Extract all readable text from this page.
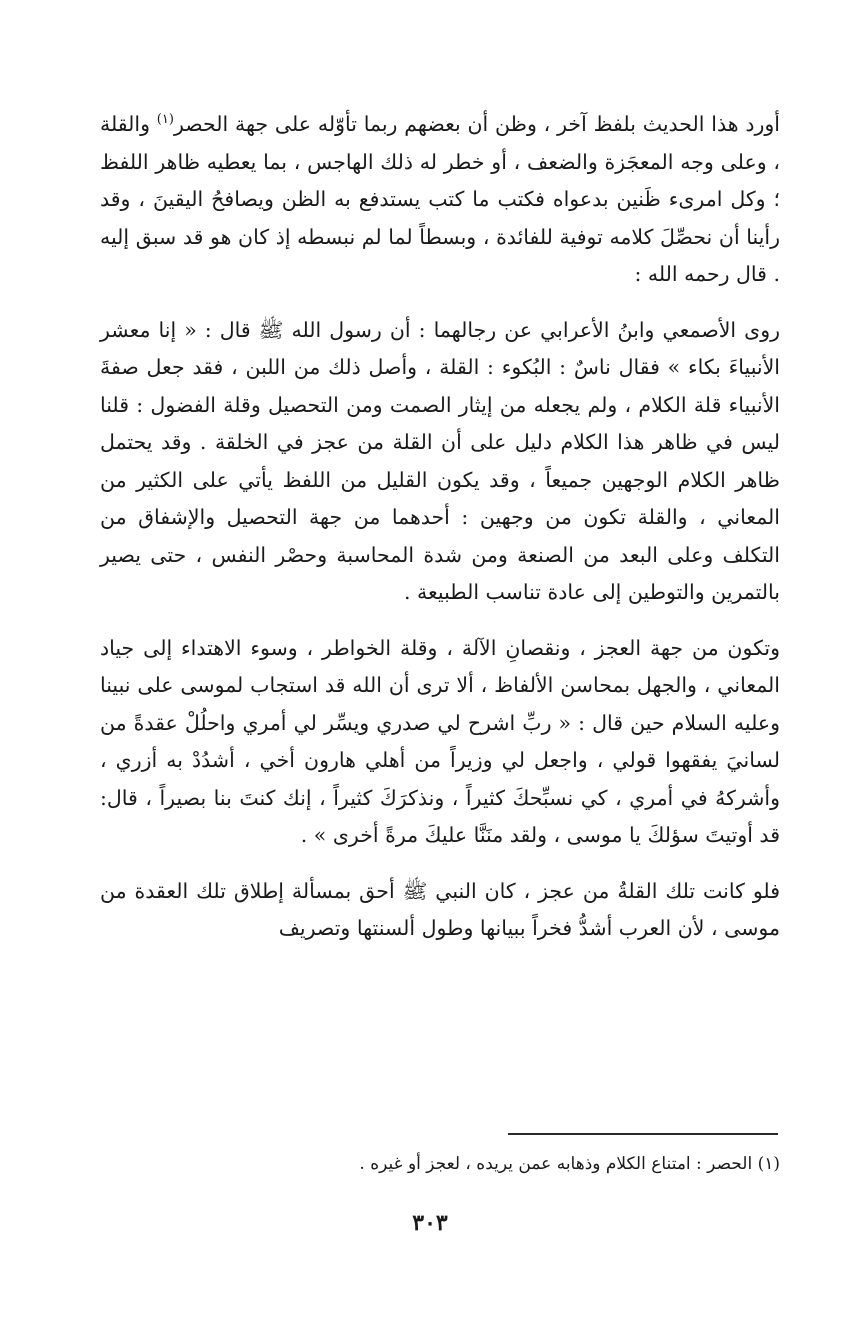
أورد هذا الحديث بلفظ آخر ، وظن أن بعضهم ربما تأوّله على جهة الحصر$^{(١)}$ والقلة ، وعلى وجه المعجَزة والضعف ، أو خطر له ذلك الهاجس ، بما يعطيه ظاهر اللفظ ؛ وكل امرىء ظَنين بدعواه فكتب ما كتب يستدفع به الظن ويصافحُ اليقينَ ، وقد رأينا أن نحصِّلَ كلامه توفية للفائدة ، وبسطاً لما لم نبسطه إذ كان هو قد سبق إليه . قال رحمه الله :

روى الأصمعي وابنُ الأعرابي عن رجالهما : أن رسول الله ﷺ قال : « إنا معشر الأنبياءَ بكاء » فقال ناسٌ : البُكوء : القلة ، وأصل ذلك من اللبن ، فقد جعل صفةَ الأنبياء قلة الكلام ، ولم يجعله من إيثار الصمت ومن التحصيل وقلة الفضول : قلنا ليس في ظاهر هذا الكلام دليل على أن القلة من عجز في الخلقة . وقد يحتمل ظاهر الكلام الوجهين جميعاً ، وقد يكون القليل من اللفظ يأتي على الكثير من المعاني ، والقلة تكون من وجهين : أحدهما من جهة التحصيل والإشفاق من التكلف وعلى البعد من الصنعة ومن شدة المحاسبة وحصْر النفس ، حتى يصير بالتمرين والتوطين إلى عادة تناسب الطبيعة .

وتكون من جهة العجز ، ونقصانِ الآلة ، وقلة الخواطر ، وسوء الاهتداء إلى جياد المعاني ، والجهل بمحاسن الألفاظ ، ألا ترى أن الله قد استجاب لموسى على نبينا وعليه السلام حين قال : « ربِّ اشرح لي صدري ويسِّر لي أمري واحلُلْ عقدةً من لسانيَ يفقهوا قولي ، واجعل لي وزيراً من أهلي هارون أخي ، أشدُدْ به أزري ، وأشركهُ في أمري ، كي نسبِّحكَ كثيراً ، ونذكرَكَ كثيراً ، إنك كنتَ بنا بصيراً ، قال: قد أوتيتَ سؤلكَ يا موسى ، ولقد منَنَّا عليكَ مرةً أخرى » .

فلو كانت تلك القلةُ من عجز ، كان النبي ﷺ أحق بمسألة إطلاق تلك العقدة من موسى ، لأن العرب أشدُّ فخراً ببيانها وطول ألسنتها وتصريف

(١) الحصر : امتناع الكلام وذهابه عمن يريده ، لعجز أو غيره .

٣٠٣
